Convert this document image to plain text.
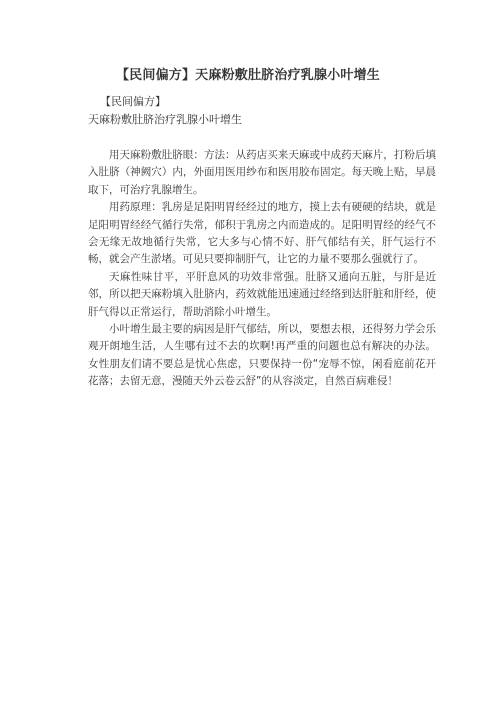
【民间偏方】天麻粉敷肚脐治疗乳腺小叶增生

【民间偏方】

天麻粉敷肚脐治疗乳腺小叶增生

用天麻粉敷肚脐眼：方法：从药店买来天麻或中成药天麻片，打粉后填入肚脐（神阙穴）内，外面用医用纱布和医用胶布固定。每天晚上贴，早晨取下，可治疗乳腺增生。

用药原理：乳房是足阳明胃经经过的地方，摸上去有硬硬的结块，就是足阳明胃经经气循行失常，郁积于乳房之内而造成的。足阳明胃经的经气不会无缘无故地循行失常，它大多与心情不好、肝气郁结有关，肝气运行不畅，就会产生淤堵。可见只要抑制肝气，让它的力量不要那么强就行了。

天麻性味甘平，平肝息风的功效非常强。肚脐又通向五脏，与肝是近邻，所以把天麻粉填入肚脐内，药效就能迅速通过经络到达肝脏和肝经，使肝气得以正常运行，帮助消除小叶增生。

小叶增生最主要的病因是肝气郁结，所以，要想去根，还得努力学会乐观开朗地生活，人生哪有过不去的坎啊!再严重的问题也总有解决的办法。女性朋友们请不要总是忧心焦虑，只要保持一份“宠辱不惊，闲看庭前花开花落；去留无意，漫随天外云卷云舒”的从容淡定，自然百病难侵！
